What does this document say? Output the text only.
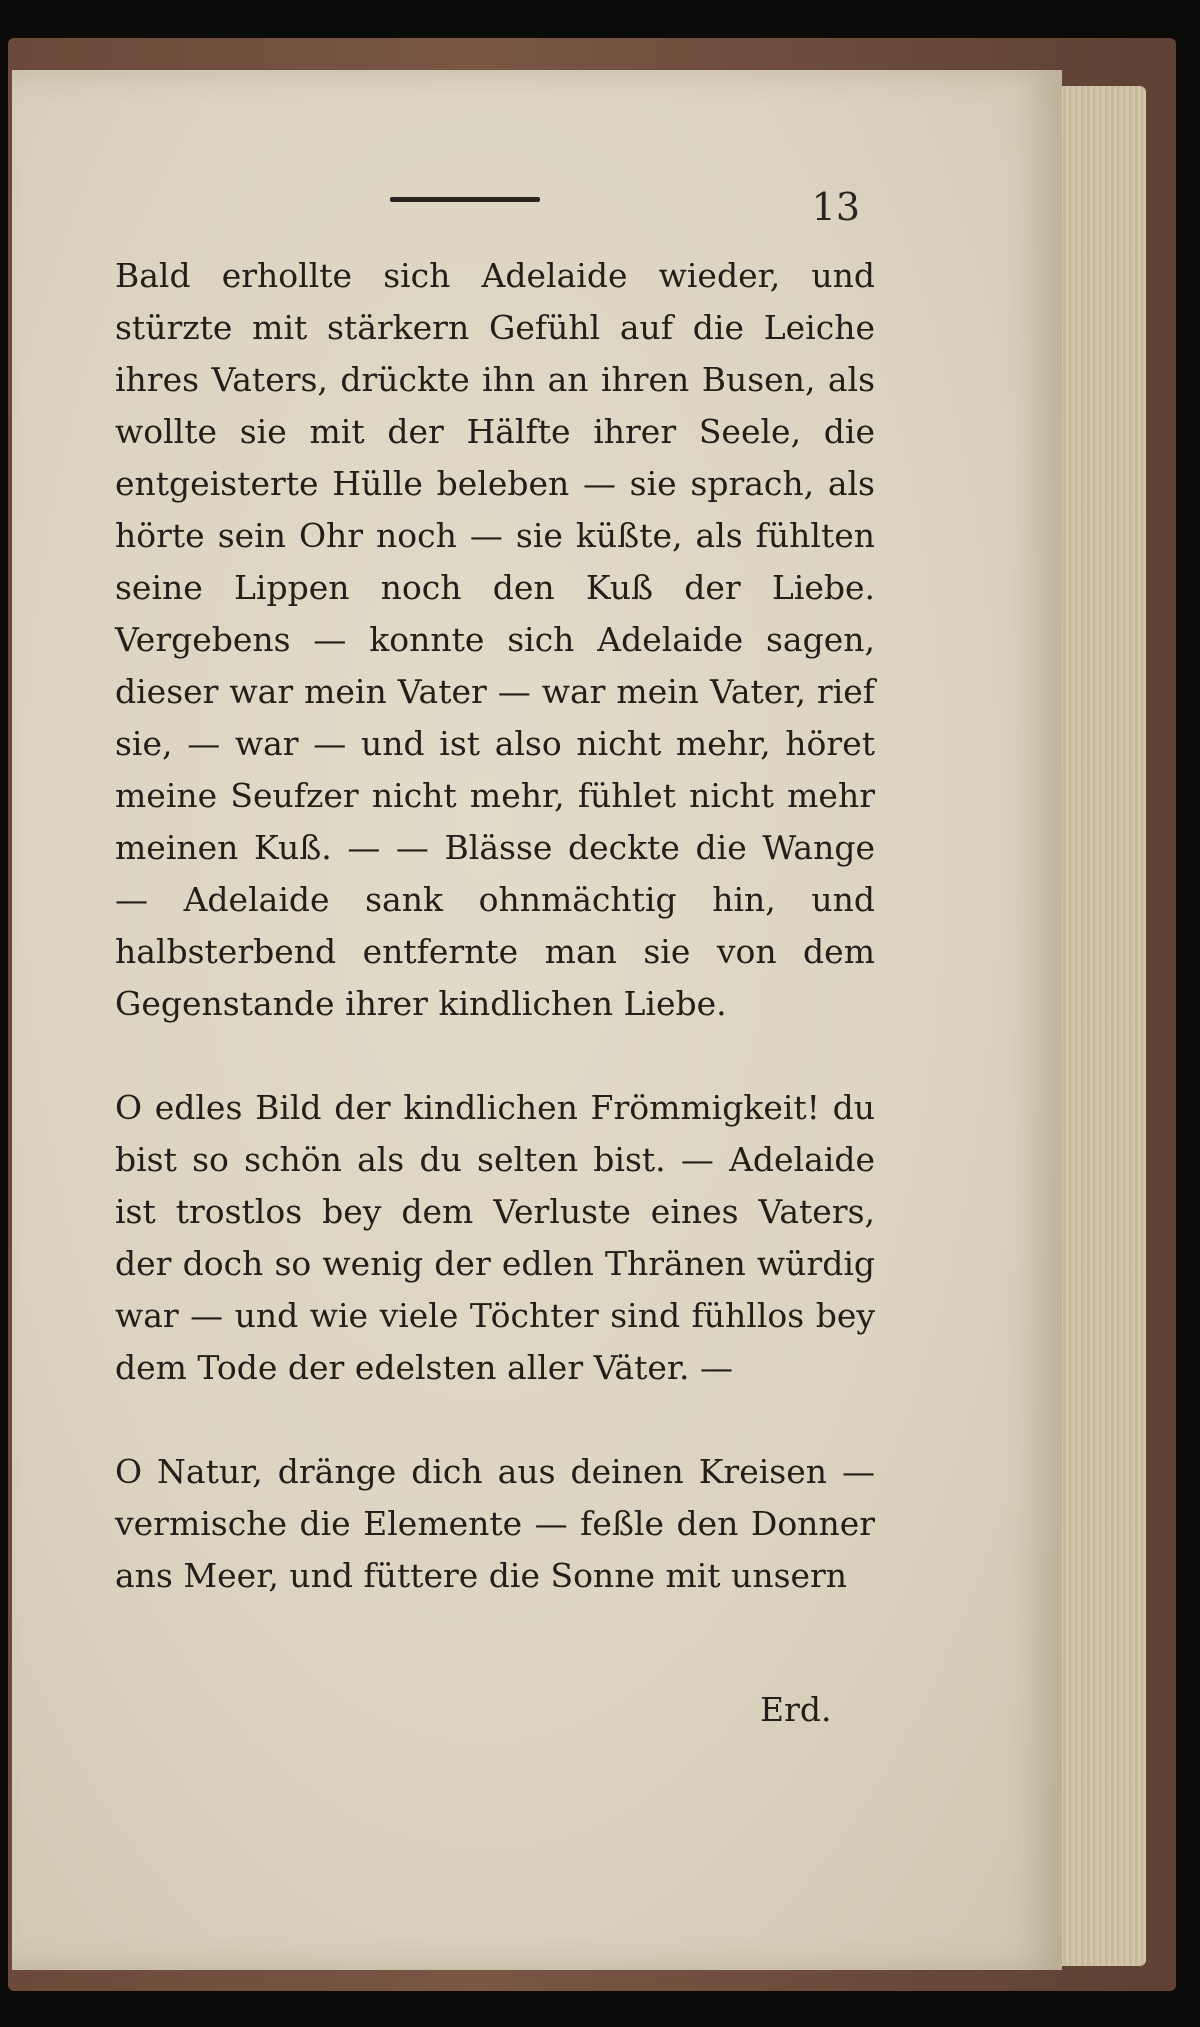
13

Bald erhollte sich Adelaide wieder, und stürzte mit stärkern Gefühl auf die Leiche ihres Vaters, drückte ihn an ihren Busen, als wollte sie mit der Hälfte ihrer Seele, die entgeisterte Hülle beleben — sie sprach, als hörte sein Ohr noch — sie küßte, als fühlten seine Lippen noch den Kuß der Liebe. Vergebens — konnte sich Adelaide sagen, dieser war mein Vater — war mein Vater, rief sie, — war — und ist also nicht mehr, höret meine Seufzer nicht mehr, fühlet nicht mehr meinen Kuß. — — Blässe deckte die Wange — Adelaide sank ohnmächtig hin, und halbsterbend entfernte man sie von dem Gegenstande ihrer kindlichen Liebe.

O edles Bild der kindlichen Frömmigkeit! du bist so schön als du selten bist. — Adelaide ist trostlos bey dem Verluste eines Vaters, der doch so wenig der edlen Thränen würdig war — und wie viele Töchter sind fühllos bey dem Tode der edelsten aller Väter. —

O Natur, dränge dich aus deinen Kreisen — vermische die Elemente — feßle den Donner ans Meer, und füttere die Sonne mit unsern

Erd.
